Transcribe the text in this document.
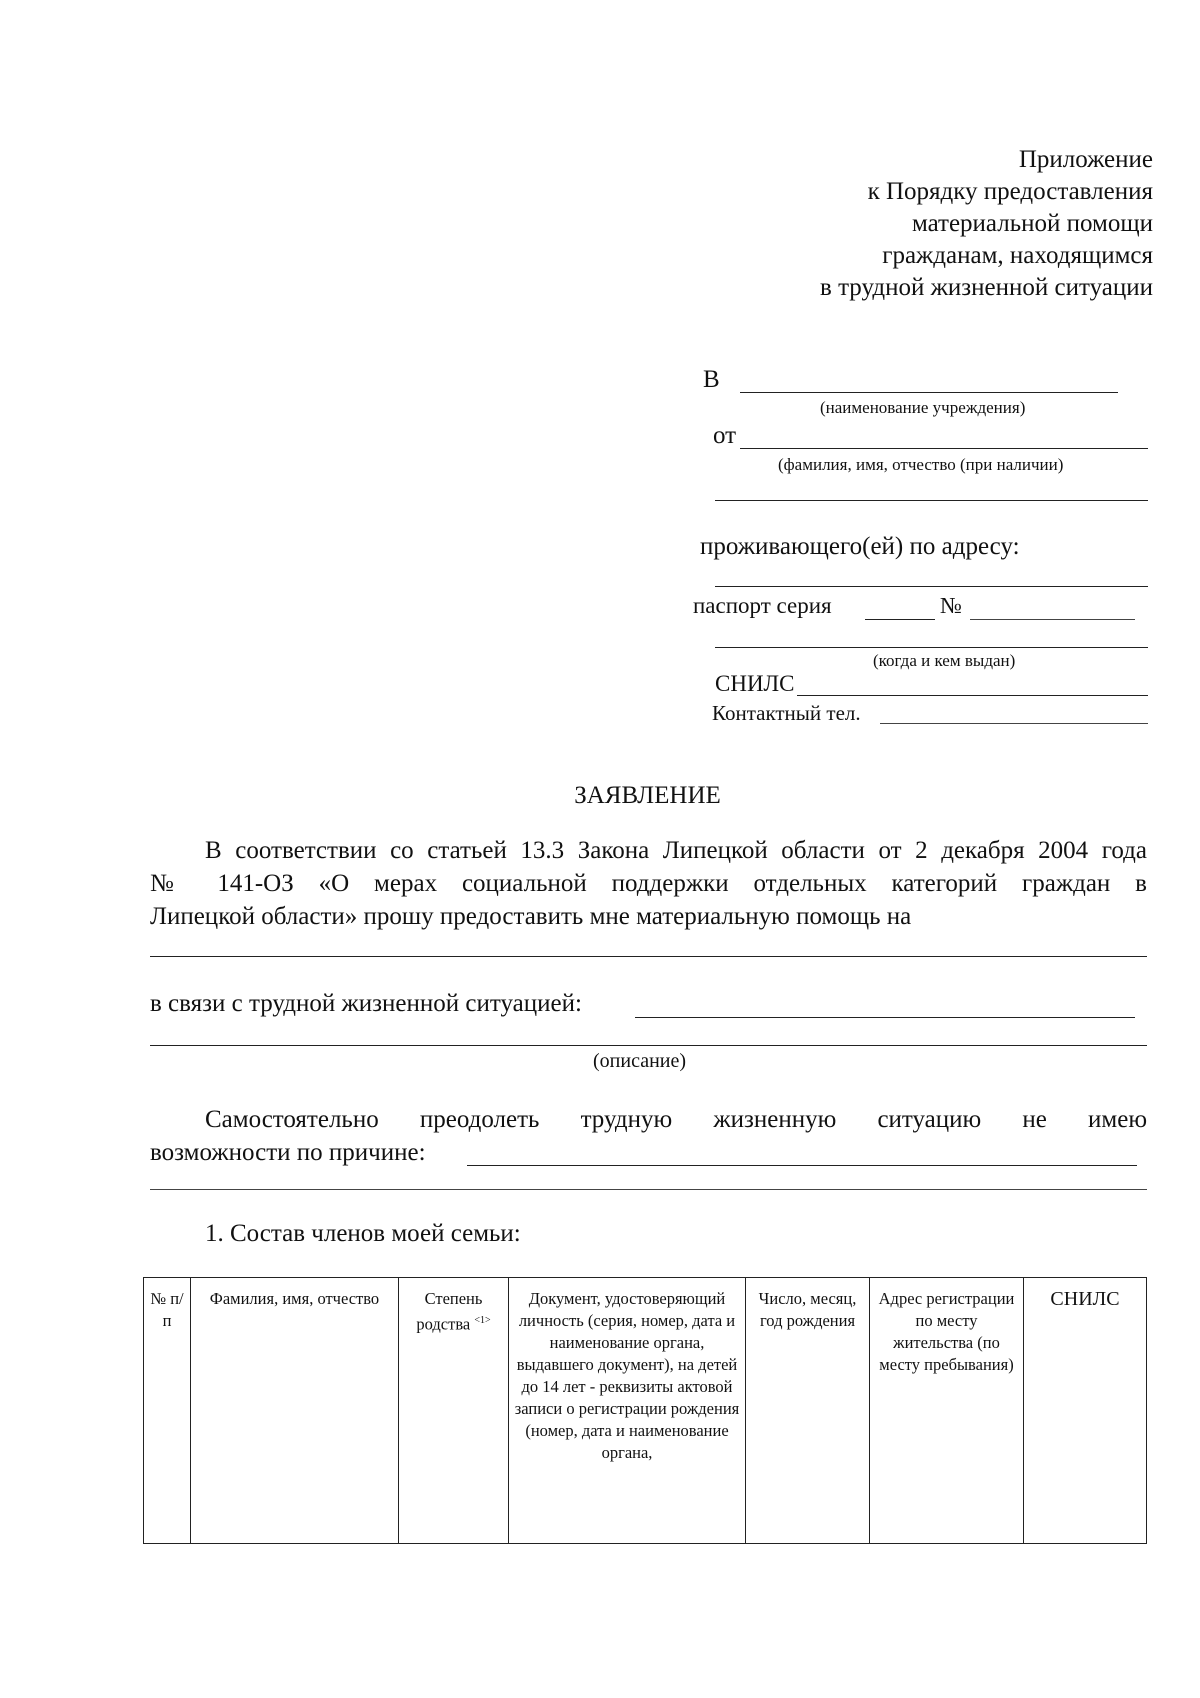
Приложение
к Порядку предоставления
материальной помощи
гражданам, находящимся
в трудной жизненной ситуации
В
(наименование учреждения)
от
(фамилия, имя, отчество (при наличии)
проживающего(ей) по адресу:
паспорт серия	№
(когда и кем выдан)
СНИЛС
Контактный тел.
ЗАЯВЛЕНИЕ
В соответствии со статьей 13.3 Закона Липецкой области от 2 декабря 2004 года
№ 141-ОЗ «О мерах социальной поддержки отдельных категорий граждан в
Липецкой области» прошу предоставить мне материальную помощь на
в связи с трудной жизненной ситуацией:
(описание)
Самостоятельно преодолеть трудную жизненную ситуацию не имею
возможности по причине:
1. Состав членов моей семьи:
№ п/п	Фамилия, имя, отчество	Степень родства $^{<1>}$	Документ, удостоверяющий личность (серия, номер, дата и наименование органа, выдавшего документ), на детей до 14 лет - реквизиты актовой записи о регистрации рождения (номер, дата и наименование органа,	Число, месяц, год рождения	Адрес регистрации по месту жительства (по месту пребывания)	СНИЛС
